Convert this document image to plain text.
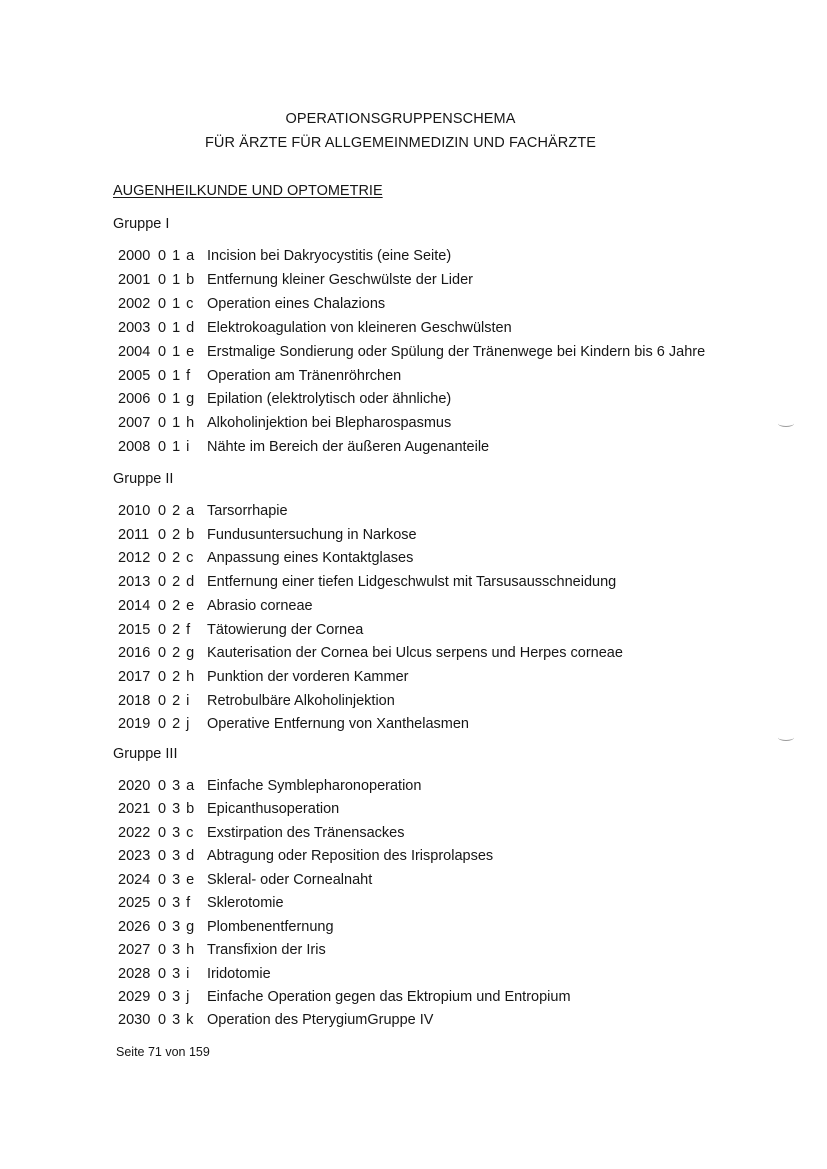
OPERATIONSGRUPPENSCHEMA
FÜR ÄRZTE FÜR ALLGEMEINMEDIZIN UND FACHÄRZTE
AUGENHEILKUNDE UND OPTOMETRIE
Gruppe I
2000 0 1 a Incision bei Dakryocystitis (eine Seite)
2001 0 1 b Entfernung kleiner Geschwülste der Lider
2002 0 1 c Operation eines Chalazions
2003 0 1 d Elektrokoagulation von kleineren Geschwülsten
2004 0 1 e Erstmalige Sondierung oder Spülung der Tränenwege bei Kindern bis 6 Jahre
2005 0 1 f Operation am Tränenröhrchen
2006 0 1 g Epilation (elektrolytisch oder ähnliche)
2007 0 1 h Alkoholinjektion bei Blepharospasmus
2008 0 1 i Nähte im Bereich der äußeren Augenanteile
Gruppe II
2010 0 2 a Tarsorrhapie
2011 0 2 b Fundusuntersuchung in Narkose
2012 0 2 c Anpassung eines Kontaktglases
2013 0 2 d Entfernung einer tiefen Lidgeschwulst mit Tarsusausschneidung
2014 0 2 e Abrasio corneae
2015 0 2 f Tätowierung der Cornea
2016 0 2 g Kauterisation der Cornea bei Ulcus serpens und Herpes corneae
2017 0 2 h Punktion der vorderen Kammer
2018 0 2 i Retrobulbäre Alkoholinjektion
2019 0 2 j Operative Entfernung von Xanthelasmen
Gruppe III
2020 0 3 a Einfache Symblepharonoperation
2021 0 3 b Epicanthusoperation
2022 0 3 c Exstirpation des Tränensackes
2023 0 3 d Abtragung oder Reposition des Irisprolapses
2024 0 3 e Skleral- oder Cornealnaht
2025 0 3 f Sklerotomie
2026 0 3 g Plombenentfernung
2027 0 3 h Transfixion der Iris
2028 0 3 i Iridotomie
2029 0 3 j Einfache Operation gegen das Ektropium und Entropium
2030 0 3 k Operation des PterygiumGruppe IV
Seite 71 von 159
